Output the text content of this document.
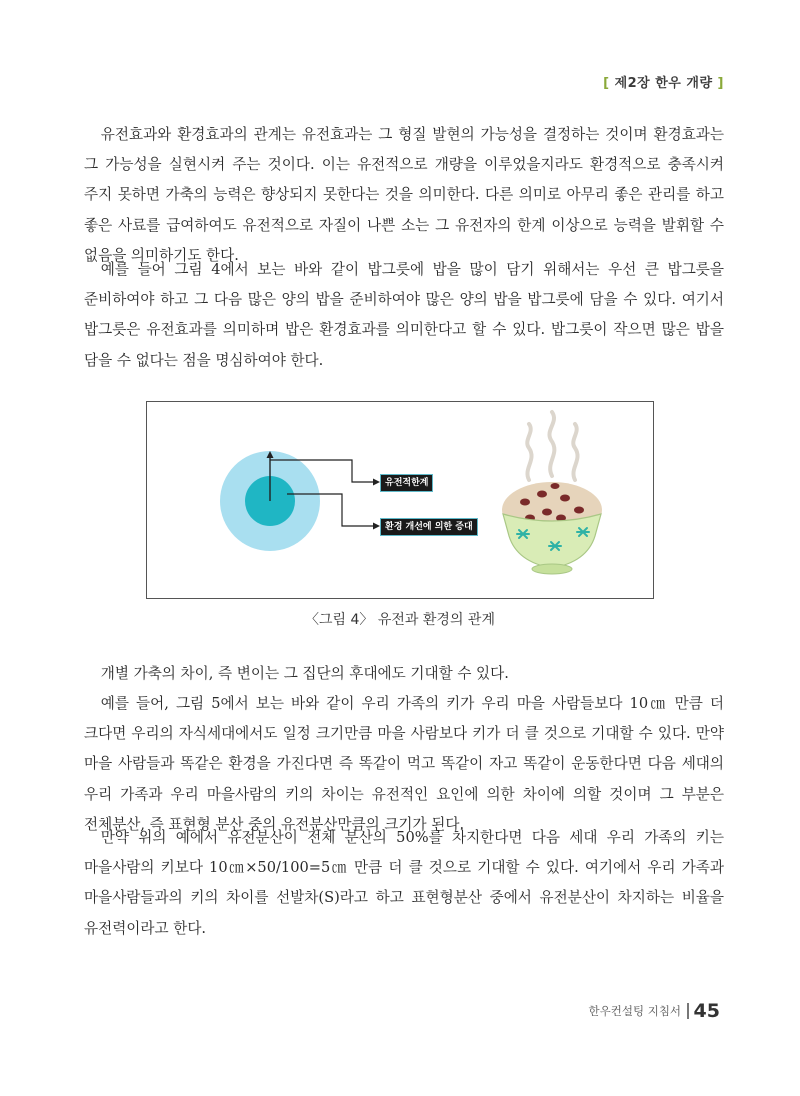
[ 제2장 한우 개량 ]

유전효과와 환경효과의 관계는 유전효과는 그 형질 발현의 가능성을 결정하는 것이며 환경효과는 그 가능성을 실현시켜 주는 것이다. 이는 유전적으로 개량을 이루었을지라도 환경적으로 충족시켜 주지 못하면 가축의 능력은 향상되지 못한다는 것을 의미한다. 다른 의미로 아무리 좋은 관리를 하고 좋은 사료를 급여하여도 유전적으로 자질이 나쁜 소는 그 유전자의 한계 이상으로 능력을 발휘할 수 없음을 의미하기도 한다.

예를 들어 그림 4에서 보는 바와 같이 밥그릇에 밥을 많이 담기 위해서는 우선 큰 밥그릇을 준비하여야 하고 그 다음 많은 양의 밥을 준비하여야 많은 양의 밥을 밥그릇에 담을 수 있다. 여기서 밥그릇은 유전효과를 의미하며 밥은 환경효과를 의미한다고 할 수 있다. 밥그릇이 작으면 많은 밥을 담을 수 없다는 점을 명심하여야 한다.

유전적한계
환경 개선에 의한 증대
〈그림 4〉 유전과 환경의 관계

개별 가축의 차이, 즉 변이는 그 집단의 후대에도 기대할 수 있다.

예를 들어, 그림 5에서 보는 바와 같이 우리 가족의 키가 우리 마을 사람들보다 10㎝ 만큼 더 크다면 우리의 자식세대에서도 일정 크기만큼 마을 사람보다 키가 더 클 것으로 기대할 수 있다. 만약 마을 사람들과 똑같은 환경을 가진다면 즉 똑같이 먹고 똑같이 자고 똑같이 운동한다면 다음 세대의 우리 가족과 우리 마을사람의 키의 차이는 유전적인 요인에 의한 차이에 의할 것이며 그 부분은 전체분산, 즉 표현형 분산 중의 유전분산만큼의 크기가 된다.

만약 위의 예에서 유전분산이 전체 분산의 50%를 차지한다면 다음 세대 우리 가족의 키는 마을사람의 키보다 10㎝×50/100=5㎝ 만큼 더 클 것으로 기대할 수 있다. 여기에서 우리 가족과 마을사람들과의 키의 차이를 선발차(S)라고 하고 표현형분산 중에서 유전분산이 차지하는 비율을 유전력이라고 한다.

한우컨설팅 지침서 45
